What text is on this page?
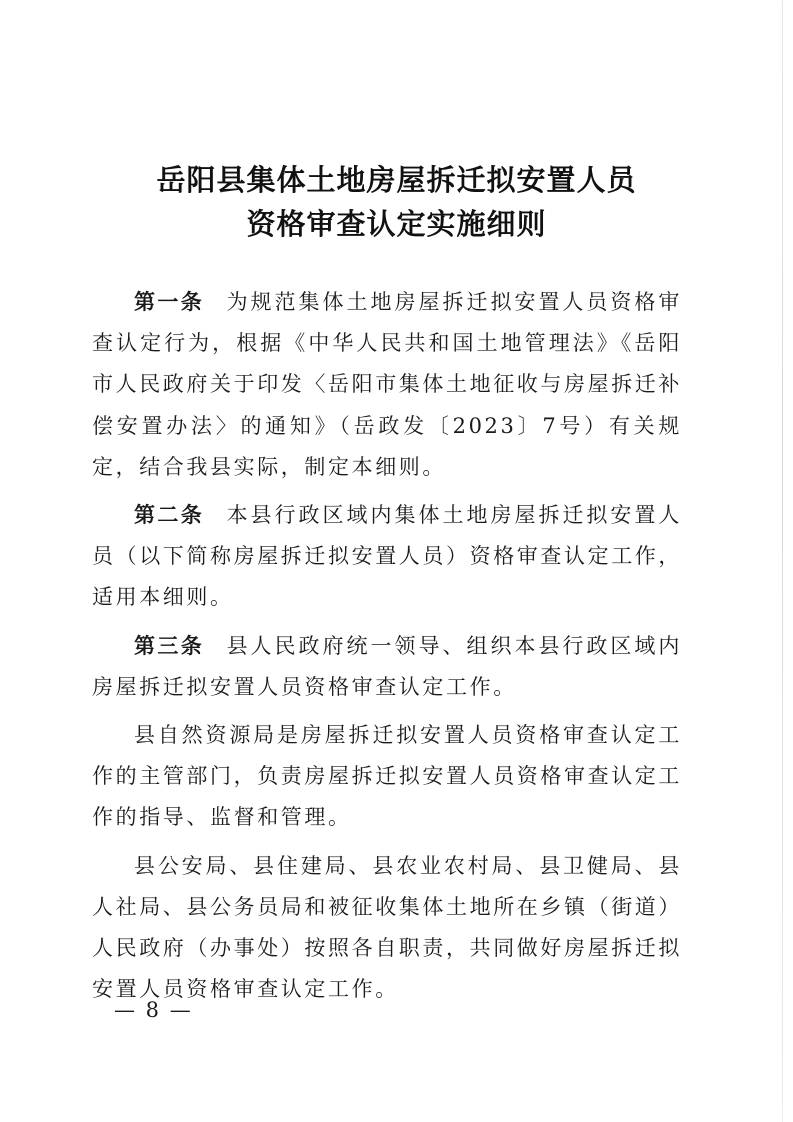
岳阳县集体土地房屋拆迁拟安置人员
资格审查认定实施细则

第一条 为规范集体土地房屋拆迁拟安置人员资格审查认定行为，根据《中华人民共和国土地管理法》《岳阳市人民政府关于印发〈岳阳市集体土地征收与房屋拆迁补偿安置办法〉的通知》（岳政发〔2023〕7号）有关规定，结合我县实际，制定本细则。

第二条 本县行政区域内集体土地房屋拆迁拟安置人员（以下简称房屋拆迁拟安置人员）资格审查认定工作，适用本细则。

第三条 县人民政府统一领导、组织本县行政区域内房屋拆迁拟安置人员资格审查认定工作。

县自然资源局是房屋拆迁拟安置人员资格审查认定工作的主管部门，负责房屋拆迁拟安置人员资格审查认定工作的指导、监督和管理。

县公安局、县住建局、县农业农村局、县卫健局、县人社局、县公务员局和被征收集体土地所在乡镇（街道）人民政府（办事处）按照各自职责，共同做好房屋拆迁拟安置人员资格审查认定工作。

— 8 —
